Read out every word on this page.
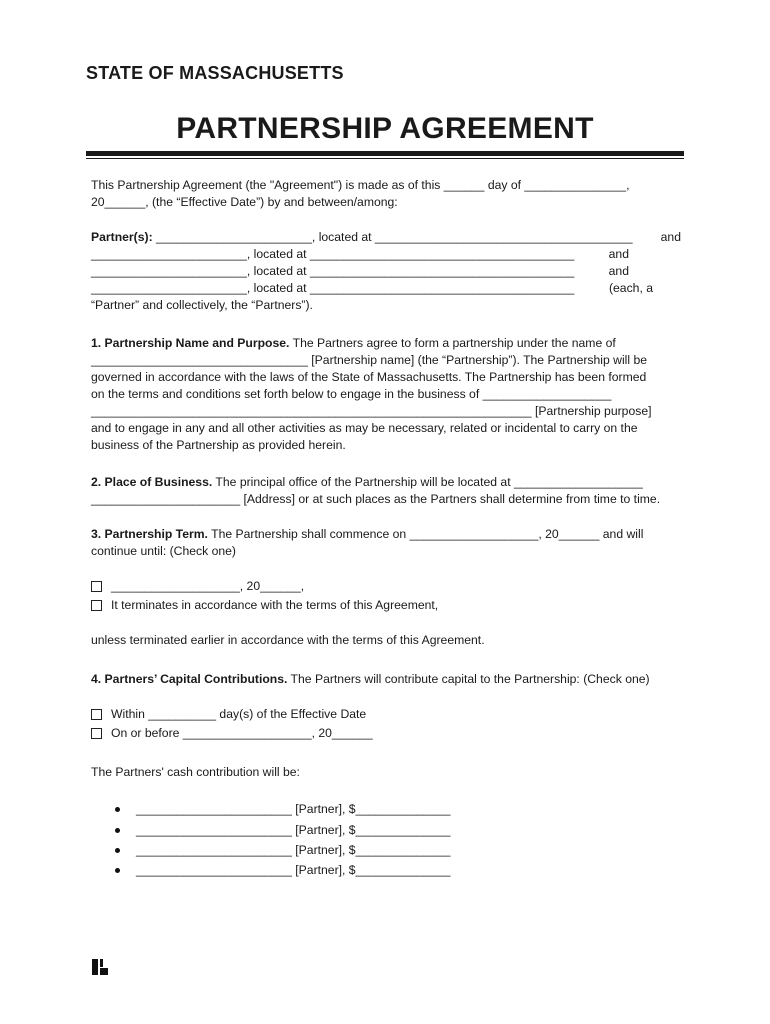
STATE OF MASSACHUSETTS
PARTNERSHIP AGREEMENT
This Partnership Agreement (the "Agreement") is made as of this ______ day of _______________,
20______, (the “Effective Date”) by and between/among:
Partner(s): _______________________, located at ______________________________________ and
_______________________, located at _______________________________________	and
_______________________, located at _______________________________________	and
_______________________, located at _______________________________________	(each, a
“Partner” and collectively, the “Partners”).
1. Partnership Name and Purpose. The Partners agree to form a partnership under the name of
________________________________ [Partnership name] (the “Partnership”). The Partnership will be
governed in accordance with the laws of the State of Massachusetts. The Partnership has been formed
on the terms and conditions set forth below to engage in the business of ___________________
_________________________________________________________________ [Partnership purpose]
and to engage in any and all other activities as may be necessary, related or incidental to carry on the
business of the Partnership as provided herein.
2. Place of Business. The principal office of the Partnership will be located at ___________________
______________________ [Address] or at such places as the Partners shall determine from time to time.
3. Partnership Term. The Partnership shall commence on ___________________, 20______ and will
continue until: (Check one)
___________________, 20______,
It terminates in accordance with the terms of this Agreement,
unless terminated earlier in accordance with the terms of this Agreement.
4. Partners’ Capital Contributions. The Partners will contribute capital to the Partnership: (Check one)
Within __________ day(s) of the Effective Date
On or before ___________________, 20______
The Partners' cash contribution will be:
_______________________ [Partner], $______________
_______________________ [Partner], $______________
_______________________ [Partner], $______________
_______________________ [Partner], $______________
